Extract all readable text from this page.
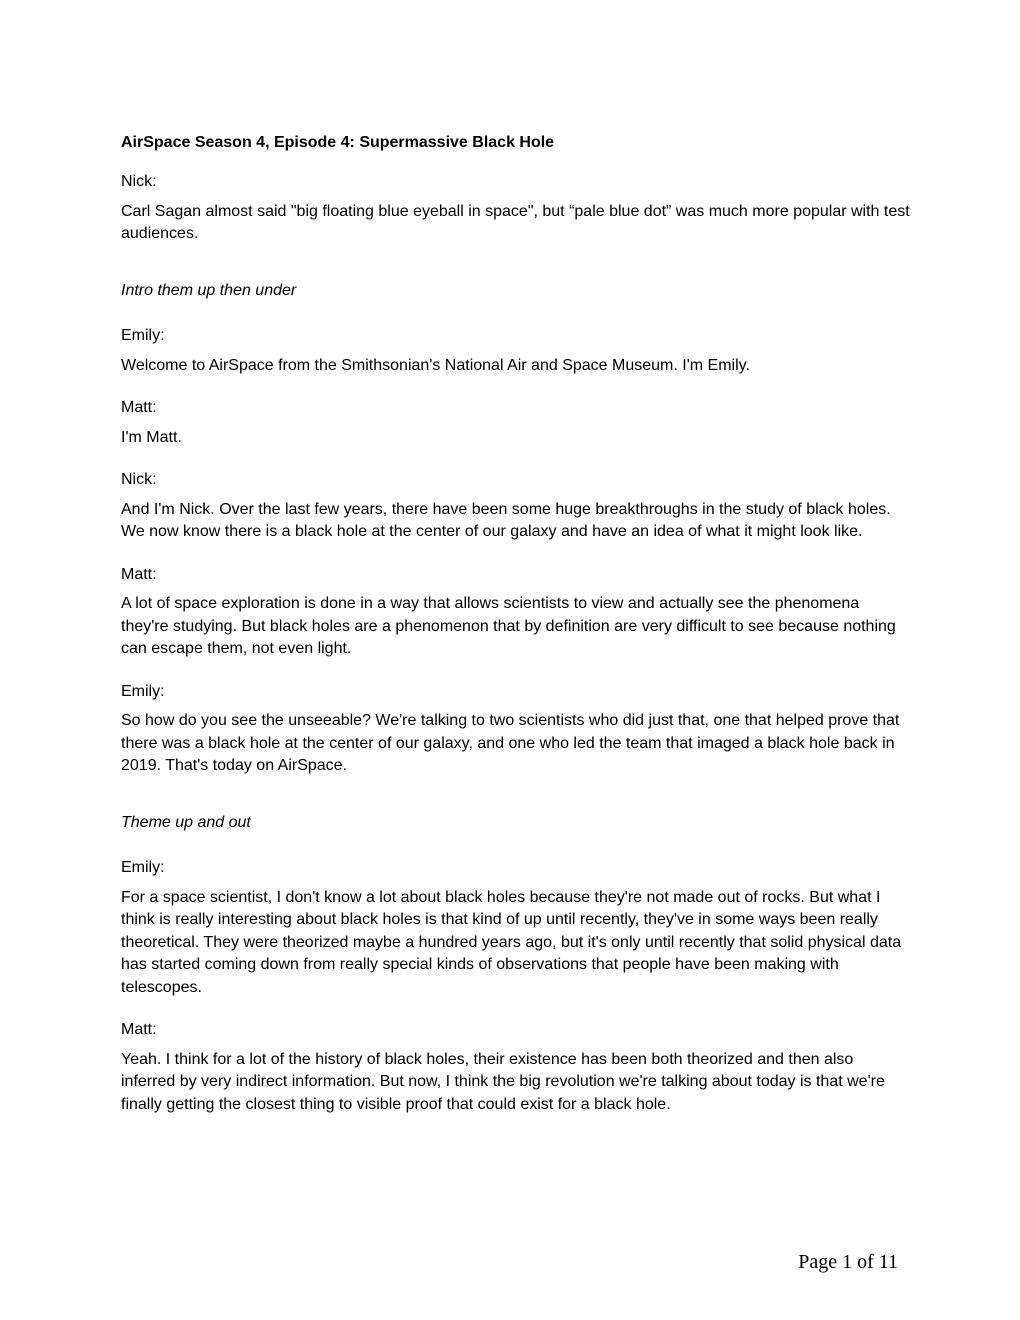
AirSpace Season 4, Episode 4: Supermassive Black Hole

Nick:

Carl Sagan almost said "big floating blue eyeball in space", but “pale blue dot” was much more popular with test audiences.

Intro them up then under

Emily:

Welcome to AirSpace from the Smithsonian's National Air and Space Museum. I'm Emily.

Matt:

I'm Matt.

Nick:

And I'm Nick. Over the last few years, there have been some huge breakthroughs in the study of black holes. We now know there is a black hole at the center of our galaxy and have an idea of what it might look like.

Matt:

A lot of space exploration is done in a way that allows scientists to view and actually see the phenomena they're studying. But black holes are a phenomenon that by definition are very difficult to see because nothing can escape them, not even light.

Emily:

So how do you see the unseeable? We're talking to two scientists who did just that, one that helped prove that there was a black hole at the center of our galaxy, and one who led the team that imaged a black hole back in 2019. That's today on AirSpace.

Theme up and out

Emily:

For a space scientist, I don't know a lot about black holes because they're not made out of rocks. But what I think is really interesting about black holes is that kind of up until recently, they've in some ways been really theoretical. They were theorized maybe a hundred years ago, but it's only until recently that solid physical data has started coming down from really special kinds of observations that people have been making with telescopes.

Matt:

Yeah. I think for a lot of the history of black holes, their existence has been both theorized and then also inferred by very indirect information. But now, I think the big revolution we're talking about today is that we're finally getting the closest thing to visible proof that could exist for a black hole.

Page 1 of 11
